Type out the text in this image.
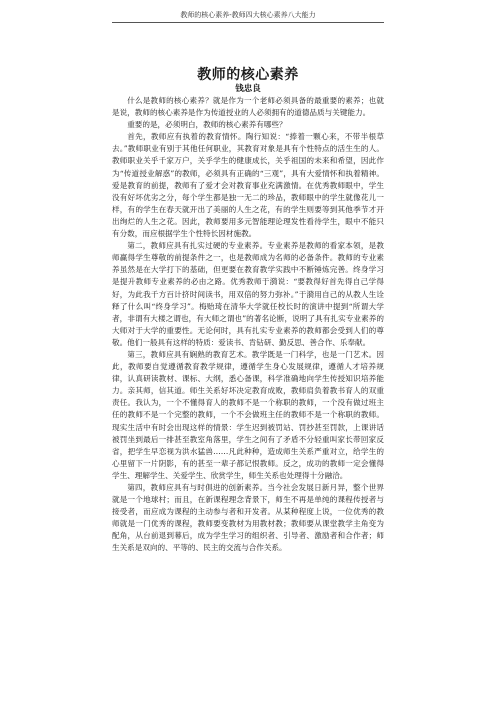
教师的核心素养-教师四大核心素养八大能力
教师的核心素养
钱忠良

什么是教师的核心素养？就是作为一个老师必须具备的最重要的素养；也就是说，教师的核心素养是作为传道授业的人必须拥有的道德品质与关键能力。

重要的是，必须明白，教师的核心素养有哪些？

首先，教师应有执着的教育情怀。陶行知说：“捧着一颗心来，不带半根草去。”教师职业有别于其他任何职业，其教育对象是具有个性特点的活生生的人。教师职业关乎千家万户，关乎学生的健康成长，关乎祖国的未来和希望，因此作为“传道授业解惑”的教师，必须具有正确的“三观”，具有大爱情怀和执着精神。爱是教育的前提，教师有了爱才会对教育事业充满激情。在优秀教师眼中，学生没有好坏优劣之分，每个学生都是独一无二的珍品，教师眼中的学生就像花儿一样，有的学生在春天就开出了美丽的人生之花，有的学生则要等到其他季节才开出绚烂的人生之花。因此，教师要用多元智能理论理发性看待学生，眼中不能只有分数，而应根据学生个性特长因材施教。

第二，教师应具有扎实过硬的专业素养。专业素养是教师的看家本领，是教师赢得学生尊敬的前提条件之一，也是教师成为名师的必备条件。教师的专业素养虽然是在大学打下的基础，但更要在教育教学实践中不断锤炼完善。终身学习是提升教师专业素养的必由之路。优秀教师于漪说：“要教得好首先得自己学得好，为此我千方百计挤时间读书，用双倍的努力弥补。”于漪用自己的从教人生诠释了什么叫“终身学习”。梅贻琦在清华大学就任校长时的演讲中提到“所谓大学者，非谓有大楼之谓也，有大师之谓也”的著名论断，说明了具有扎实专业素养的大师对于大学的重要性。无论何时，具有扎实专业素养的教师都会受到人们的尊敬。他们一般具有这样的特质：爱读书、肯钻研、勤反思、善合作、乐奉献。

第三，教师应具有娴熟的教育艺术。教学既是一门科学，也是一门艺术。因此，教师要自觉遵循教育教学规律，遵循学生身心发展规律，遵循人才培养规律，认真研读教材、课标、大纲，悉心备课，科学准确地向学生传授知识培养能力。亲其师，信其道。师生关系好坏决定教育成败，教师肩负着教书育人的双重责任。我认为，一个不懂得育人的教师不是一个称职的教师，一个没有做过班主任的教师不是一个完整的教师，一个不会做班主任的教师不是一个称职的教师。现实生活中有时会出现这样的情景：学生迟到被罚站、罚抄甚至罚款，上课讲话被罚坐到最后一排甚至教室角落里，学生之间有了矛盾不分轻重叫家长带回家反省，把学生早恋视为洪水猛兽……凡此种种，造成师生关系严重对立，给学生的心里留下一片阴影，有的甚至一辈子都记恨教师。反之，成功的教师一定会懂得学生、理解学生、关爱学生、欣赏学生，师生关系也处理得十分融洽。

第四，教师应具有与时俱进的创新素养。当今社会发展日新月异，整个世界就是一个地球村；而且，在新课程理念背景下，师生不再是单纯的课程传授者与接受者，而应成为课程的主动参与者和开发者。从某种程度上说，一位优秀的教师就是一门优秀的课程，教师要变教材为用教材教；教师要从课堂教学主角变为配角，从台前退到幕后，成为学生学习的组织者、引导者、激励者和合作者；师生关系是双向的、平等的、民主的交流与合作关系。
